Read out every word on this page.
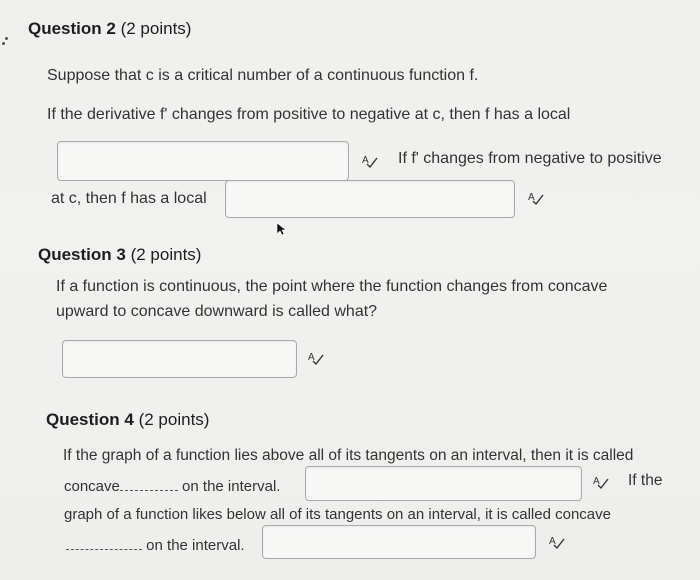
Question 2 (2 points)
Suppose that c is a critical number of a continuous function f.
If the derivative f' changes from positive to negative at c, then f has a local
A If f' changes from negative to positive
at c, then f has a local	A
Question 3 (2 points)
If a function is continuous, the point where the function changes from concave
upward to concave downward is called what?
A
Question 4 (2 points)
If the graph of a function lies above all of its tangents on an interval, then it is called
concave	on the interval.	A If the
graph of a function likes below all of its tangents on an interval, it is called concave
on the interval.	A
